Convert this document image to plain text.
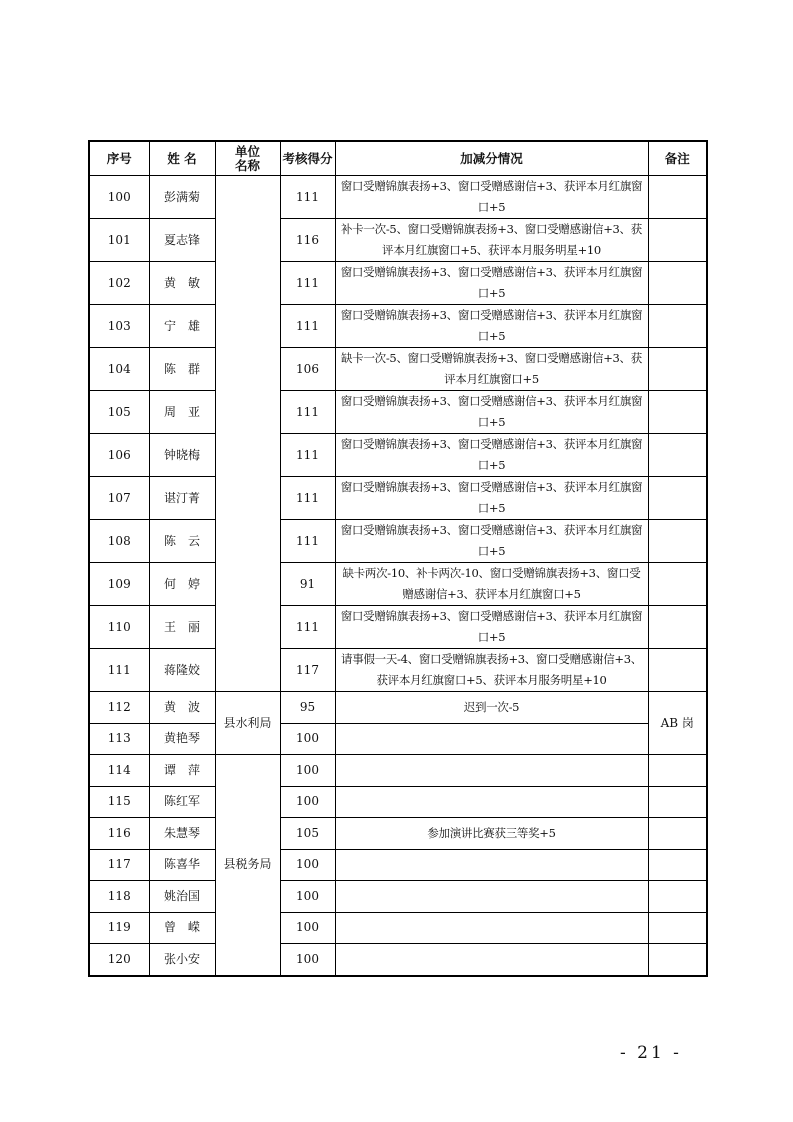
序号	姓 名	单位名称	考核得分	加减分情况	备注
100	彭满菊		111	窗口受赠锦旗表扬+3、窗口受赠感谢信+3、获评本月红旗窗口+5	
101	夏志锋		116	补卡一次-5、窗口受赠锦旗表扬+3、窗口受赠感谢信+3、获评本月红旗窗口+5、获评本月服务明星+10	
102	黄　敏		111	窗口受赠锦旗表扬+3、窗口受赠感谢信+3、获评本月红旗窗口+5	
103	宁　雄		111	窗口受赠锦旗表扬+3、窗口受赠感谢信+3、获评本月红旗窗口+5	
104	陈　群		106	缺卡一次-5、窗口受赠锦旗表扬+3、窗口受赠感谢信+3、获评本月红旗窗口+5	
105	周　亚		111	窗口受赠锦旗表扬+3、窗口受赠感谢信+3、获评本月红旗窗口+5	
106	钟晓梅		111	窗口受赠锦旗表扬+3、窗口受赠感谢信+3、获评本月红旗窗口+5	
107	谌汀菁		111	窗口受赠锦旗表扬+3、窗口受赠感谢信+3、获评本月红旗窗口+5	
108	陈　云		111	窗口受赠锦旗表扬+3、窗口受赠感谢信+3、获评本月红旗窗口+5	
109	何　婷		91	缺卡两次-10、补卡两次-10、窗口受赠锦旗表扬+3、窗口受赠感谢信+3、获评本月红旗窗口+5	
110	王　丽		111	窗口受赠锦旗表扬+3、窗口受赠感谢信+3、获评本月红旗窗口+5	
111	蒋隆姣		117	请事假一天-4、窗口受赠锦旗表扬+3、窗口受赠感谢信+3、获评本月红旗窗口+5、获评本月服务明星+10	
112	黄　波	县水利局	95	迟到一次-5	AB 岗
113	黄艳琴		100		
114	谭　萍	县税务局	100		
115	陈红军		100		
116	朱慧琴		105	参加演讲比赛获三等奖+5	
117	陈喜华		100		
118	姚治国		100		
119	曾　嵘		100		
120	张小安		100		
- 21 -
